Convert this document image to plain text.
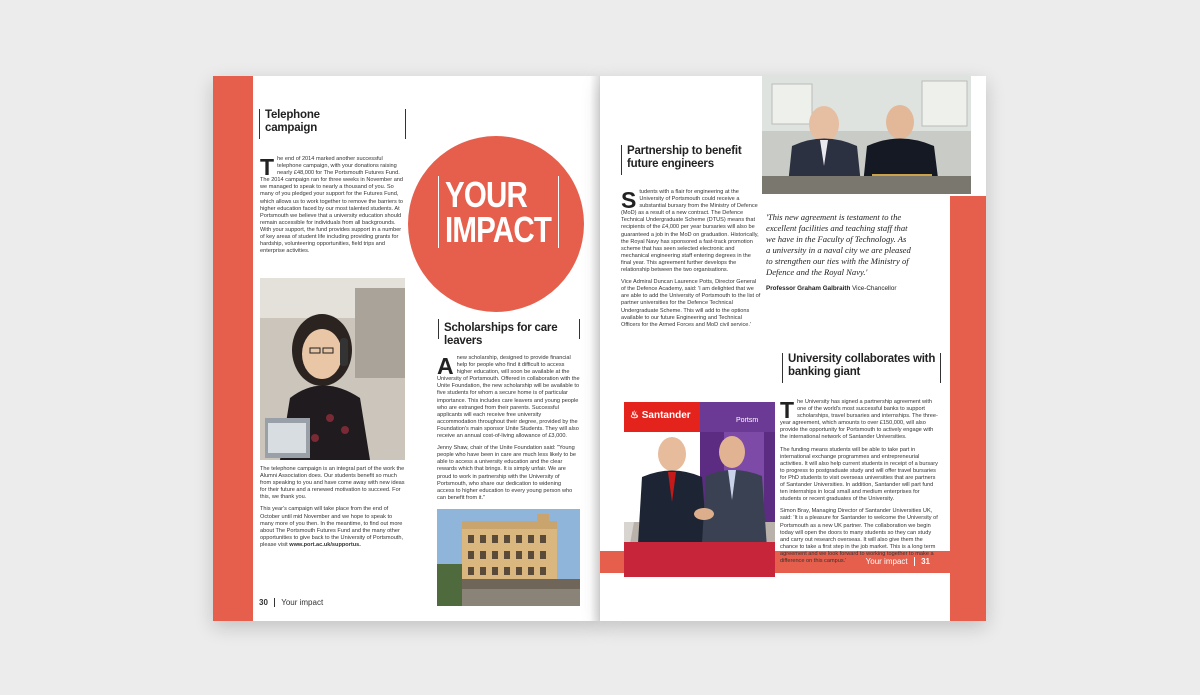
Telephone
campaign

The end of 2014 marked another successful telephone campaign, with your donations raising nearly £48,000 for The Portsmouth Futures Fund. The 2014 campaign ran for three weeks in November and we managed to speak to nearly a thousand of you. So many of you pledged your support for the Futures Fund, which allows us to work together to remove the barriers to higher education faced by our most talented students. At Portsmouth we believe that a university education should remain accessible for individuals from all backgrounds. With your support, the fund provides support in a number of key areas of student life including providing grants for hardship, volunteering opportunities, field trips and enterprise activities.

The telephone campaign is an integral part of the work the Alumni Association does. Our students benefit so much from speaking to you and have come away with new ideas for their future and a renewed motivation to succeed. For this, we thank you.

This year's campaign will take place from the end of October until mid November and we hope to speak to many more of you then. In the meantime, to find out more about The Portsmouth Futures Fund and the many other opportunities to give back to the University of Portsmouth, please visit www.port.ac.uk/supportus.

YOUR
IMPACT
Scholarships for care leavers

A new scholarship, designed to provide financial help for people who find it difficult to access higher education, will soon be available at the University of Portsmouth. Offered in collaboration with the Unite Foundation, the new scholarship will be available to five students for whom a secure home is of particular importance. This includes care leavers and young people who are estranged from their parents. Successful applicants will each receive free university accommodation throughout their degree, provided by the Foundation's main sponsor Unite Students. They will also receive an annual cost-of-living allowance of £3,000.

Jenny Shaw, chair of the Unite Foundation said: "Young people who have been in care are much less likely to be able to access a university education and the clear rewards which that brings. It is simply unfair. We are proud to work in partnership with the University of Portsmouth, who share our dedication to widening access to higher education to every young person who can benefit from it."

30 Your impact
Partnership to benefit
future engineers

Students with a flair for engineering at the University of Portsmouth could receive a substantial bursary from the Ministry of Defence (MoD) as a result of a new contract. The Defence Technical Undergraduate Scheme (DTUS) means that recipients of the £4,000 per year bursaries will also be guaranteed a job in the MoD on graduation. Historically, the Royal Navy has sponsored a fast-track promotion scheme that has seen selected electronic and mechanical engineering staff entering degrees in the final year. This agreement further develops the relationship between the two organisations.

Vice Admiral Duncan Laurence Potts, Director General of the Defence Academy, said: 'I am delighted that we are able to add the University of Portsmouth to the list of partner universities for the Defence Technical Undergraduate Scheme. This will add to the options available to our future Engineering and Technical Officers for the Armed Forces and MoD civil service.'

'This new agreement is testament to the excellent facilities and teaching staff that we have in the Faculty of Technology. As a university in a naval city we are pleased to strengthen our ties with the Ministry of Defence and the Royal Navy.'
Professor Graham Galbraith Vice-Chancellor
University collaborates with
banking giant

The University has signed a partnership agreement with one of the world's most successful banks to support scholarships, travel bursaries and internships. The three-year agreement, which amounts to over £150,000, will also provide the opportunity for Portsmouth to actively engage with the international network of Santander Universities.

The funding means students will be able to take part in international exchange programmes and entrepreneurial activities. It will also help current students in receipt of a bursary to progress to postgraduate study and will offer travel bursaries for PhD students to visit overseas universities that are partners of Santander Universities. In addition, Santander will part fund ten internships in local small and medium enterprises for students or recent graduates of the University.

Simon Bray, Managing Director of Santander Universities UK, said: 'It is a pleasure for Santander to welcome the University of Portsmouth as a new UK partner. The collaboration we begin today will open the doors to many students so they can study and carry out research overseas. It will also give them the chance to take a first step in the job market. This is a long term agreement and we look forward to working together to make a difference on this campus.'

♨ Santander	Portsm
Your impact 31
